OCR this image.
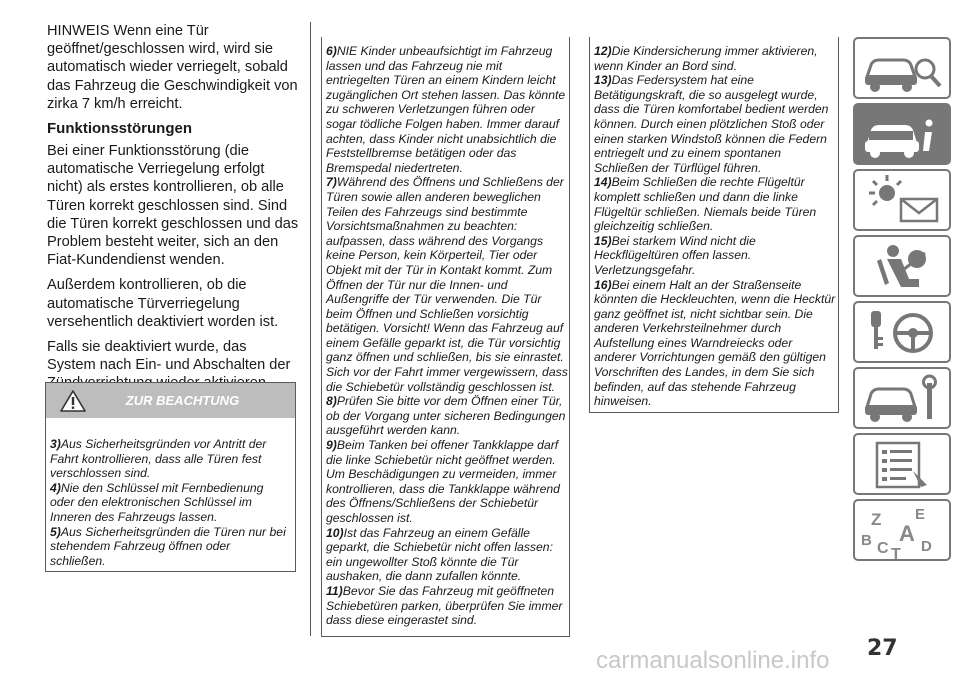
HINWEIS Wenn eine Tür geöffnet/geschlossen wird, wird sie automatisch wieder verriegelt, sobald das Fahrzeug die Geschwindigkeit von zirka 7 km/h erreicht.

Funktionsstörungen

Bei einer Funktionsstörung (die automatische Verriegelung erfolgt nicht) als erstes kontrollieren, ob alle Türen korrekt geschlossen sind. Sind die Türen korrekt geschlossen und das Problem besteht weiter, sich an den Fiat-Kundendienst wenden.

Außerdem kontrollieren, ob die automatische Türverriegelung versehentlich deaktiviert worden ist.

Falls sie deaktiviert wurde, das System nach Ein- und Abschalten der

ZUR BEACHTUNG

3)Aus Sicherheitsgründen vor Antritt der Fahrt kontrollieren, dass alle Türen fest verschlossen sind.

4)Nie den Schlüssel mit Fernbedienung oder den elektronischen Schlüssel im Inneren des Fahrzeugs lassen.

5)Aus Sicherheitsgründen die Türen nur bei stehendem Fahrzeug öffnen oder schließen.

6)NIE Kinder unbeaufsichtigt im Fahrzeug lassen und das Fahrzeug nie mit entriegelten Türen an einem Kindern leicht zugänglichen Ort stehen lassen. Das könnte zu schweren Verletzungen führen oder sogar tödliche Folgen haben. Immer darauf achten, dass Kinder nicht unabsichtlich die Feststellbremse betätigen oder das Bremspedal niedertreten.

7)Während des Öffnens und Schließens der Türen sowie allen anderen beweglichen Teilen des Fahrzeugs sind bestimmte Vorsichtsmaßnahmen zu beachten: aufpassen, dass während des Vorgangs keine Person, kein Körperteil, Tier oder Objekt mit der Tür in Kontakt kommt. Zum Öffnen der Tür nur die Innen- und Außengriffe der Tür verwenden. Die Tür beim Öffnen und Schließen vorsichtig betätigen. Vorsicht! Wenn das Fahrzeug auf einem Gefälle geparkt ist, die Tür vorsichtig ganz öffnen und schließen, bis sie einrastet. Sich vor der Fahrt immer vergewissern, dass die Schiebetür vollständig geschlossen ist.

8)Prüfen Sie bitte vor dem Öffnen einer Tür, ob der Vorgang unter sicheren Bedingungen ausgeführt werden kann.

9)Beim Tanken bei offener Tankklappe darf die linke Schiebetür nicht geöffnet werden. Um Beschädigungen zu vermeiden, immer kontrollieren, dass die Tankklappe während des Öffnens/Schließens der Schiebetür geschlossen ist.

10)Ist das Fahrzeug an einem Gefälle geparkt, die Schiebetür nicht offen lassen: ein ungewollter Stoß könnte die Tür aushaken, die dann zufallen könnte.

11)Bevor Sie das Fahrzeug mit geöffneten Schiebetüren parken, überprüfen Sie immer dass diese eingerastet sind.

12)Die Kindersicherung immer aktivieren, wenn Kinder an Bord sind.

13)Das Federsystem hat eine Betätigungskraft, die so ausgelegt wurde, dass die Türen komfortabel bedient werden können. Durch einen plötzlichen Stoß oder einen starken Windstoß können die Federn entriegelt und zu einem spontanen Schließen der Türflügel führen.

14)Beim Schließen die rechte Flügeltür komplett schließen und dann die linke Flügeltür schließen. Niemals beide Türen gleichzeitig schließen.

15)Bei starkem Wind nicht die Heckflügeltüren offen lassen. Verletzungsgefahr.

16)Bei einem Halt an der Straßenseite könnten die Heckleuchten, wenn die Hecktür ganz geöffnet ist, nicht sichtbar sein. Die anderen Verkehrsteilnehmer durch Aufstellung eines Warndreiecks oder anderer Vorrichtungen gemäß den gültigen Vorschriften des Landes, in dem Sie sich befinden, auf das stehende Fahrzeug hinweisen.

Z E
A
B C T D
27
carmanualsonline.info
